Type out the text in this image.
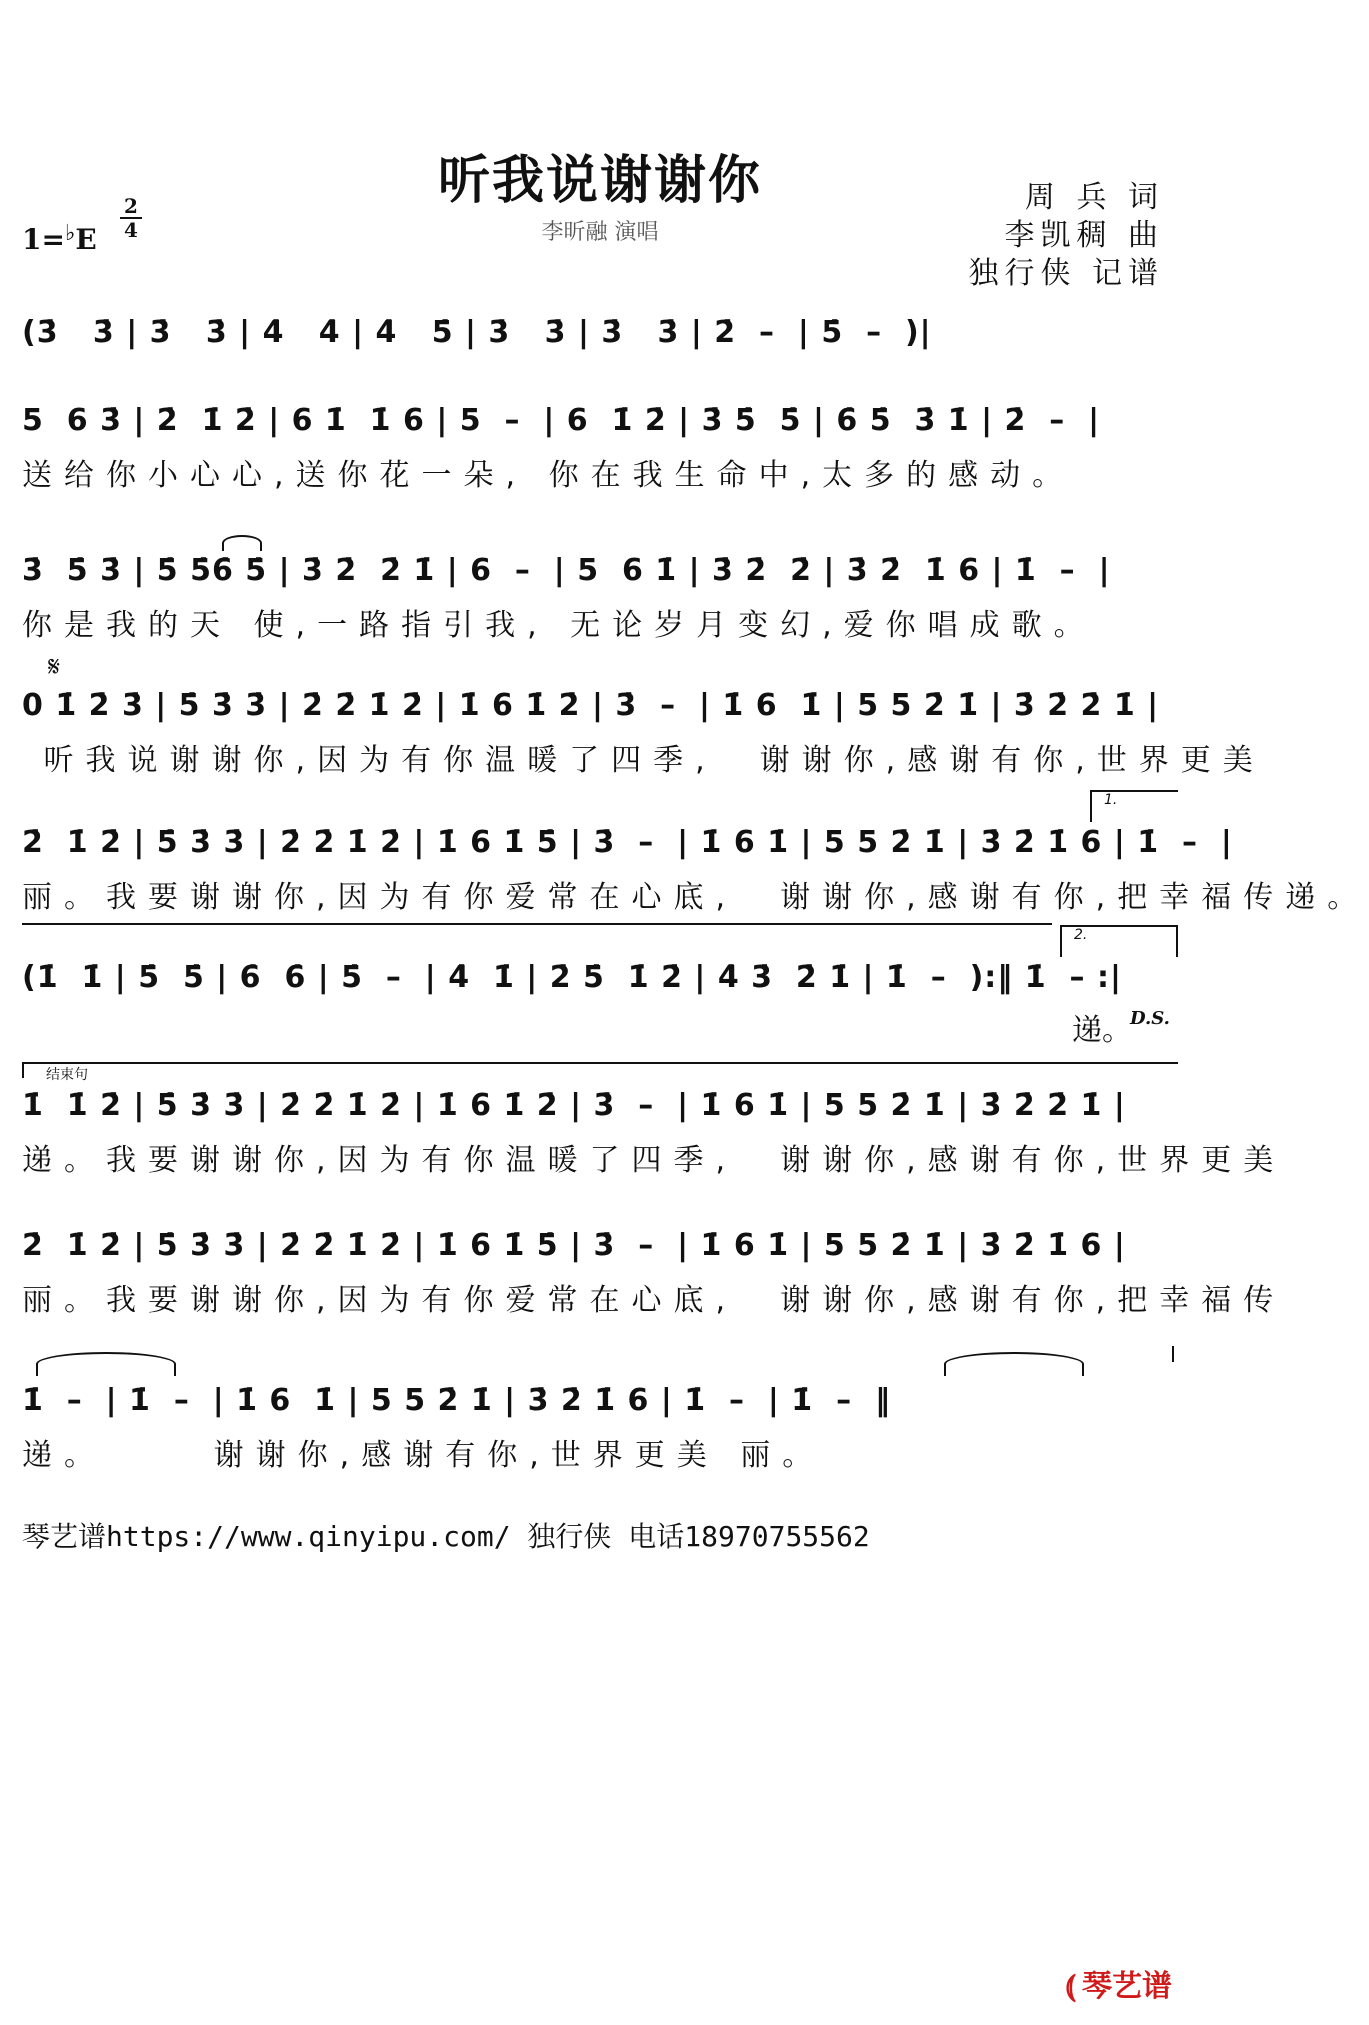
听我说谢谢你
李昕融 演唱
周 兵 词
李凯稠 曲
独行侠 记谱
1=♭E
2
4
(3̇   3̇ | 3̇   3̇ | 4̇   4̇ | 4̇   5̇ | 3̇   3̇ | 3̇   3̇ | 2̇  –  | 5̇  –  )|
5  6 3̇ | 2̇  1̇ 2̇ | 6 1̇  1̇ 6 | 5  –  | 6  1̇ 2̇ | 3̇ 5̇  5̇ | 6̇ 5̇  3̇ 1̇ | 2̇  –  |
送给你小心心,送你花一朵, 你在我生命中,太多的感动。
3̇  5̇ 3̇ | 5̇ 5̇6̇ 5̇ | 3̇ 2̇  2̇ 1̇ | 6  –  | 5  6 1̇ | 3̇ 2̇  2̇ | 3̇ 2̇  1̇ 6 | 1̇  –  |
你是我的天 使,一路指引我, 无论岁月变幻,爱你唱成歌。
𝄋
0 1̇ 2̇ 3̇ | 5̇ 3̇ 3̇ | 2̇ 2̇ 1̇ 2̇ | 1̇ 6 1̇ 2̇ | 3̇  –  | 1̇ 6  1̇ | 5 5 2̇ 1̇ | 3̇ 2̇ 2̇ 1̇ |
听我说谢谢你,因为有你温暖了四季,  谢谢你,感谢有你,世界更美
1.
2̇  1̇ 2̇ | 5̇ 3̇ 3̇ | 2̇ 2̇ 1̇ 2̇ | 1̇ 6 1̇ 5̇ | 3̇  –  | 1̇ 6 1̇ | 5 5 2̇ 1̇ | 3̇ 2̇ 1̇ 6 | 1̇  –  |
丽。我要谢谢你,因为有你爱常在心底,  谢谢你,感谢有你,把幸福传递。
2.
(1̇  1̇ | 5̇  5̇ | 6̇  6̇ | 5̇  –  | 4̇  1̇ | 2̇ 5̇  1̇ 2̇ | 4̇ 3̇  2̇ 1̇ | 1̇  –  ):‖ 1̇  – :|
递。
D.S.
结束句
1̇  1̇ 2̇ | 5̇ 3̇ 3̇ | 2̇ 2̇ 1̇ 2̇ | 1̇ 6 1̇ 2̇ | 3̇  –  | 1̇ 6 1̇ | 5 5 2̇ 1̇ | 3̇ 2̇ 2̇ 1̇ |
递。我要谢谢你,因为有你温暖了四季,  谢谢你,感谢有你,世界更美
2̇  1̇ 2̇ | 5̇ 3̇ 3̇ | 2̇ 2̇ 1̇ 2̇ | 1̇ 6 1̇ 5̇ | 3̇  –  | 1̇ 6 1̇ | 5 5 2̇ 1̇ | 3̇ 2̇ 1̇ 6 |
丽。我要谢谢你,因为有你爱常在心底,  谢谢你,感谢有你,把幸福传
1̇  –  | 1̇  –  | 1̇ 6  1̇ | 5 5 2̇ 1̇ | 3̇ 2̇ 1̇ 6 | 1̇  –  | 1̇  –  ‖
递。     谢谢你,感谢有你,世界更美 丽。
琴艺谱https://www.qinyipu.com/ 独行侠 电话18970755562
⦅ 琴艺谱
